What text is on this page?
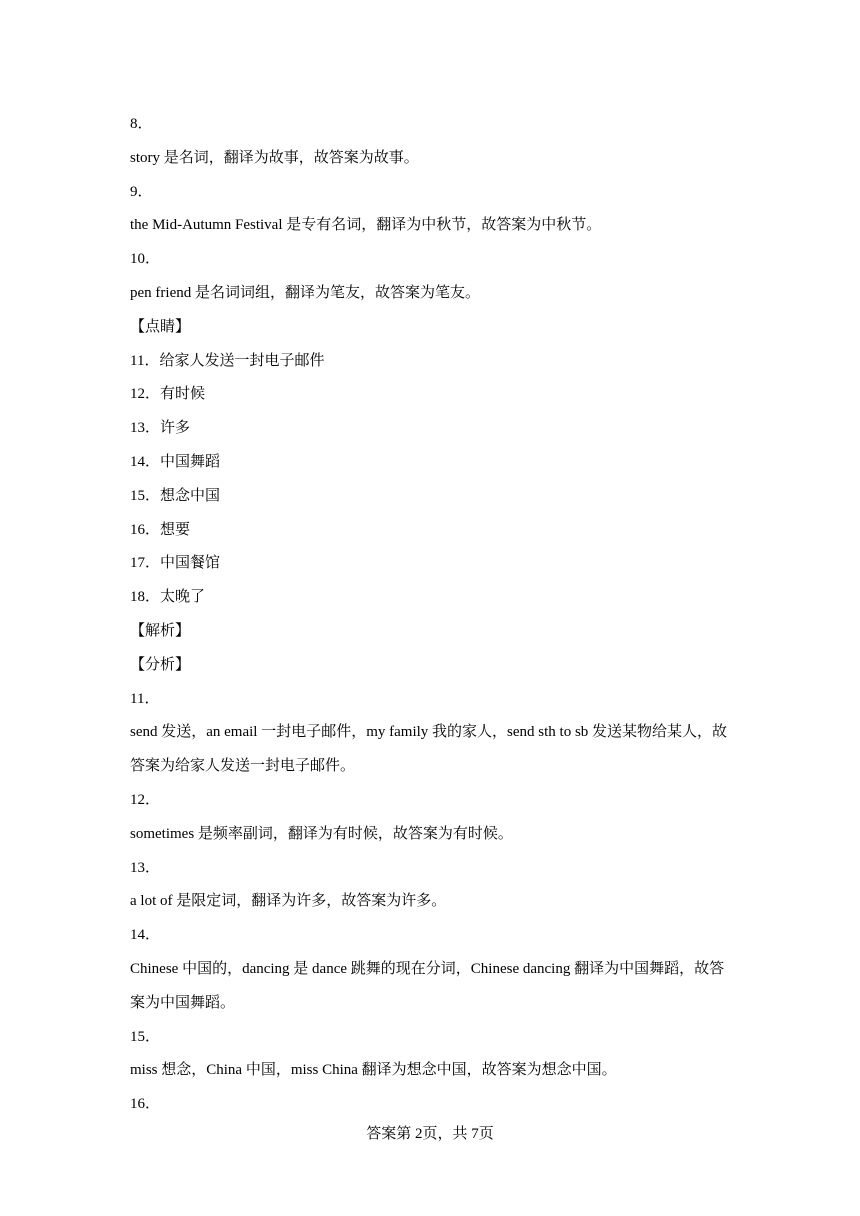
8．
story 是名词，翻译为故事，故答案为故事。
9．
the Mid-Autumn Festival 是专有名词，翻译为中秋节，故答案为中秋节。
10．
pen friend 是名词词组，翻译为笔友，故答案为笔友。
【点睛】
11．给家人发送一封电子邮件
12．有时候
13．许多
14．中国舞蹈
15．想念中国
16．想要
17．中国餐馆
18．太晚了
【解析】
【分析】
11．
send 发送，an email 一封电子邮件，my family 我的家人，send sth to sb 发送某物给某人，故答案为给家人发送一封电子邮件。
12．
sometimes 是频率副词，翻译为有时候，故答案为有时候。
13．
a lot of 是限定词，翻译为许多，故答案为许多。
14．
Chinese 中国的，dancing 是 dance 跳舞的现在分词，Chinese dancing 翻译为中国舞蹈，故答案为中国舞蹈。
15．
miss 想念，China 中国，miss China 翻译为想念中国，故答案为想念中国。
16．
答案第 2页，共 7页
